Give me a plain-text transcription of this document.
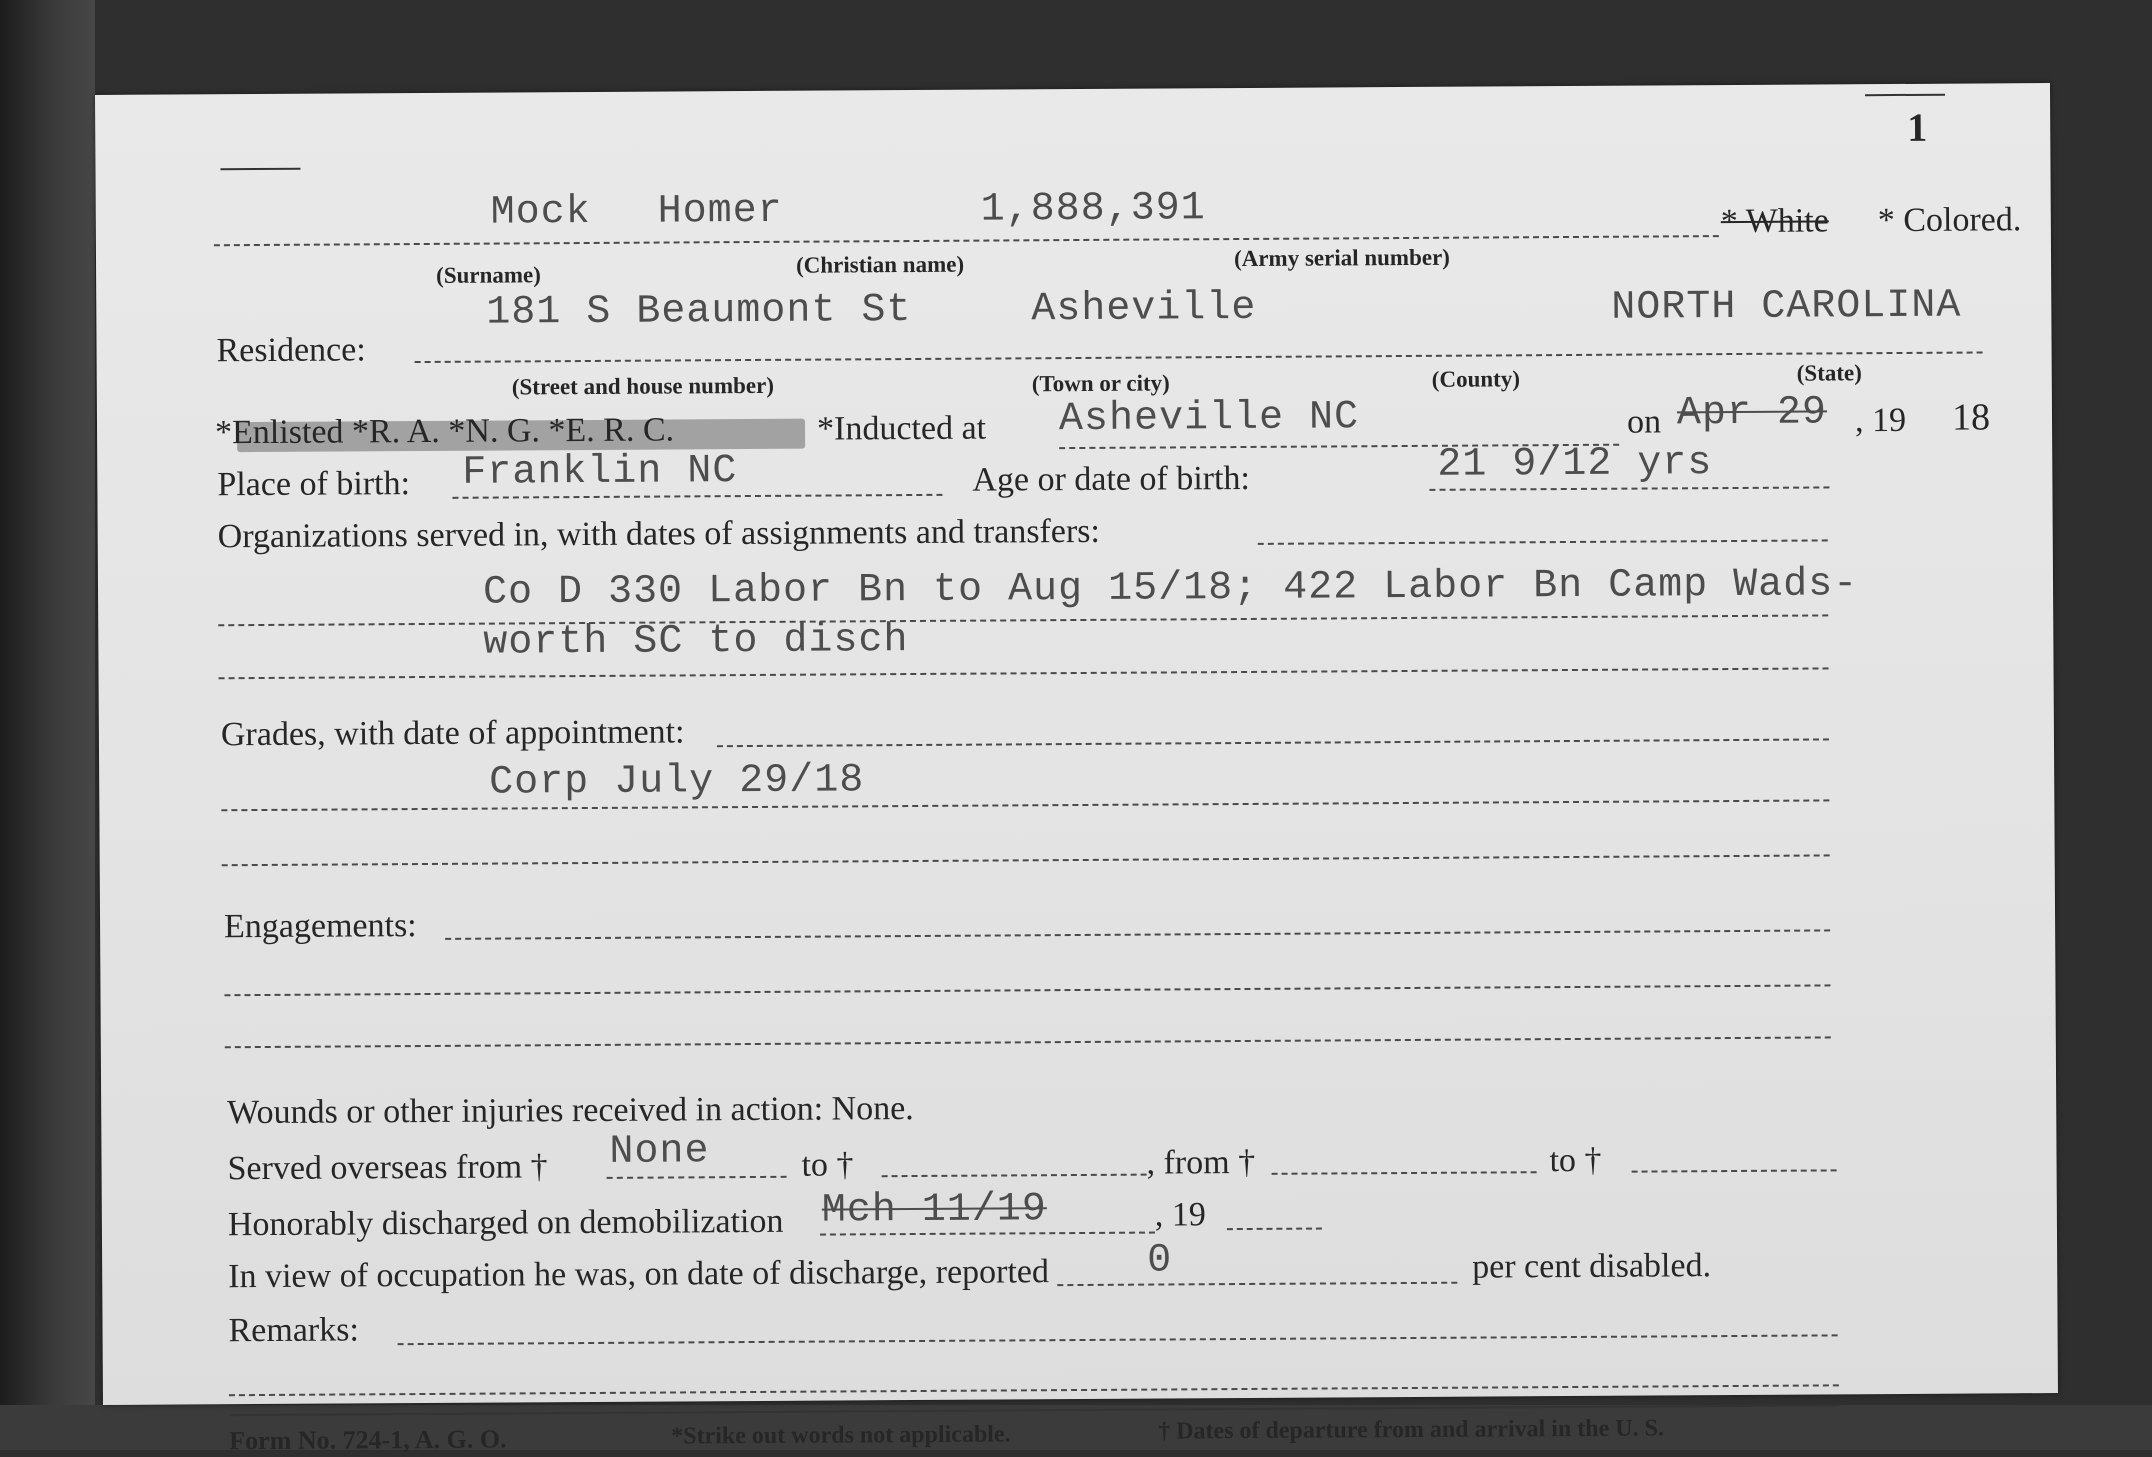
1
Mock Homer	1,888,391	* White * Colored.
(Surname)	(Christian name)	(Army serial number)
181 S Beaumont St	Asheville	NORTH CAROLINA
Residence:
(Street and house number)	(Town or city)	(County)	(State)
*Enlisted *R. A. *N. G. *E. R. C.	*Inducted at Asheville NC	on Apr 29 , 19 18
Place of birth: Franklin NC	Age or date of birth:	21 9/12 yrs
Organizations served in, with dates of assignments and transfers:
Co D 330 Labor Bn to Aug 15/18; 422 Labor Bn Camp Wads-
worth SC to disch
Grades, with date of appointment:
Corp July 29/18
Engagements:
Wounds or other injuries received in action: None.
Served overseas from † None	to †	, from †	to †
Honorably discharged on demobilization Mch 11/19	, 19
In view of occupation he was, on date of discharge, reported 0	per cent disabled.
Remarks:
Form No. 724-1, A. G. O.	*Strike out words not applicable.	† Dates of departure from and arrival in the U. S.
